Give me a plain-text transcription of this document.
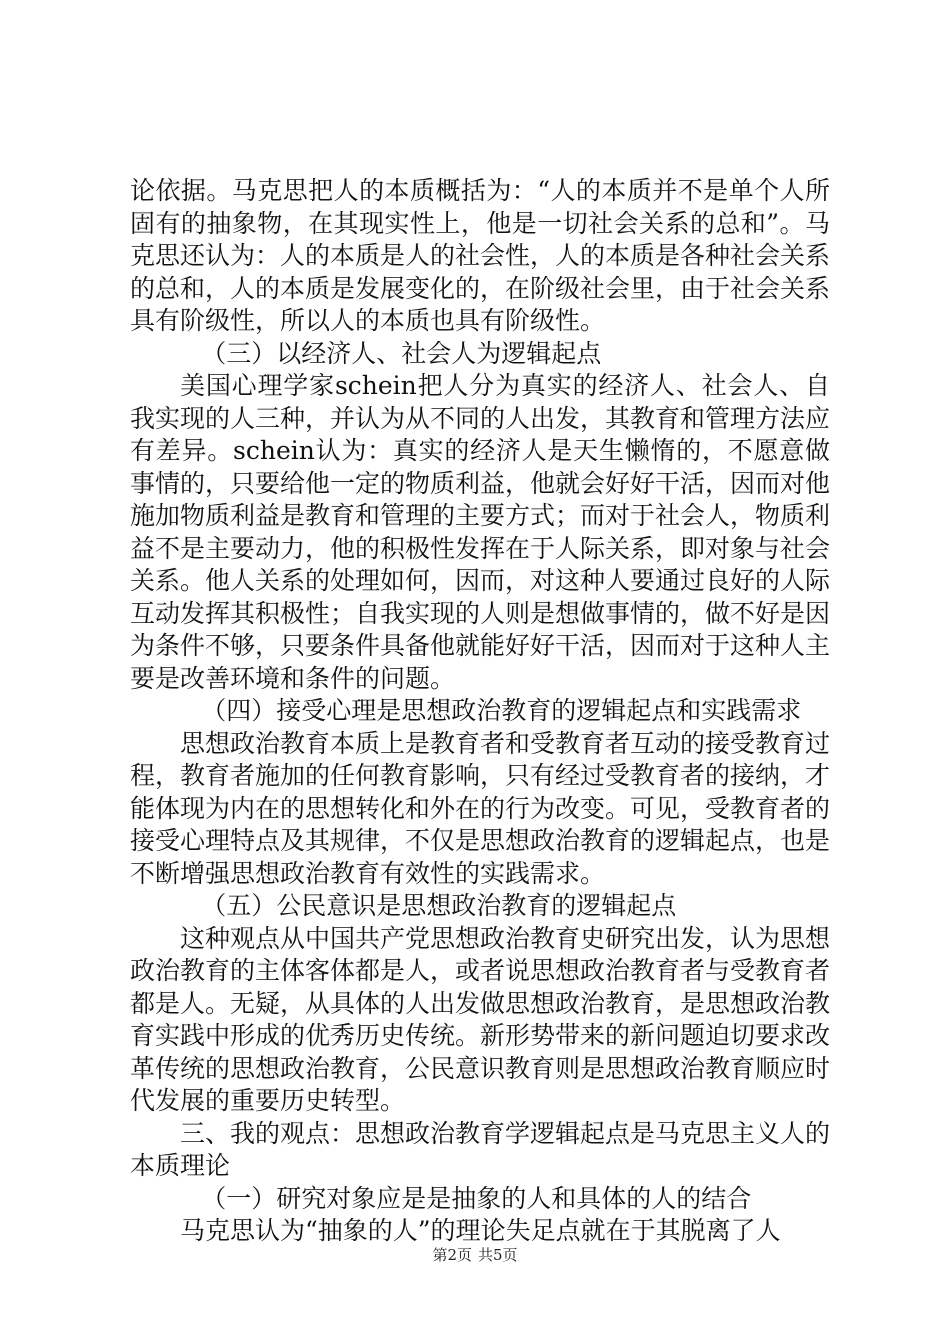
论依据。马克思把人的本质概括为：“人的本质并不是单个人所固有的抽象物，在其现实性上，他是一切社会关系的总和”。马克思还认为：人的本质是人的社会性，人的本质是各种社会关系的总和，人的本质是发展变化的，在阶级社会里，由于社会关系具有阶级性，所以人的本质也具有阶级性。

（三）以经济人、社会人为逻辑起点

美国心理学家schein把人分为真实的经济人、社会人、自我实现的人三种，并认为从不同的人出发，其教育和管理方法应有差异。schein认为：真实的经济人是天生懒惰的，不愿意做事情的，只要给他一定的物质利益，他就会好好干活，因而对他施加物质利益是教育和管理的主要方式；而对于社会人，物质利益不是主要动力，他的积极性发挥在于人际关系，即对象与社会关系。他人关系的处理如何，因而，对这种人要通过良好的人际互动发挥其积极性；自我实现的人则是想做事情的，做不好是因为条件不够，只要条件具备他就能好好干活，因而对于这种人主要是改善环境和条件的问题。

（四）接受心理是思想政治教育的逻辑起点和实践需求

思想政治教育本质上是教育者和受教育者互动的接受教育过程，教育者施加的任何教育影响，只有经过受教育者的接纳，才能体现为内在的思想转化和外在的行为改变。可见，受教育者的接受心理特点及其规律，不仅是思想政治教育的逻辑起点，也是不断增强思想政治教育有效性的实践需求。

（五）公民意识是思想政治教育的逻辑起点

这种观点从中国共产党思想政治教育史研究出发，认为思想政治教育的主体客体都是人，或者说思想政治教育者与受教育者都是人。无疑，从具体的人出发做思想政治教育，是思想政治教育实践中形成的优秀历史传统。新形势带来的新问题迫切要求改革传统的思想政治教育，公民意识教育则是思想政治教育顺应时代发展的重要历史转型。

三、我的观点：思想政治教育学逻辑起点是马克思主义人的本质理论

（一）研究对象应是是抽象的人和具体的人的结合

马克思认为“抽象的人”的理论失足点就在于其脱离了人

第2页 共5页
